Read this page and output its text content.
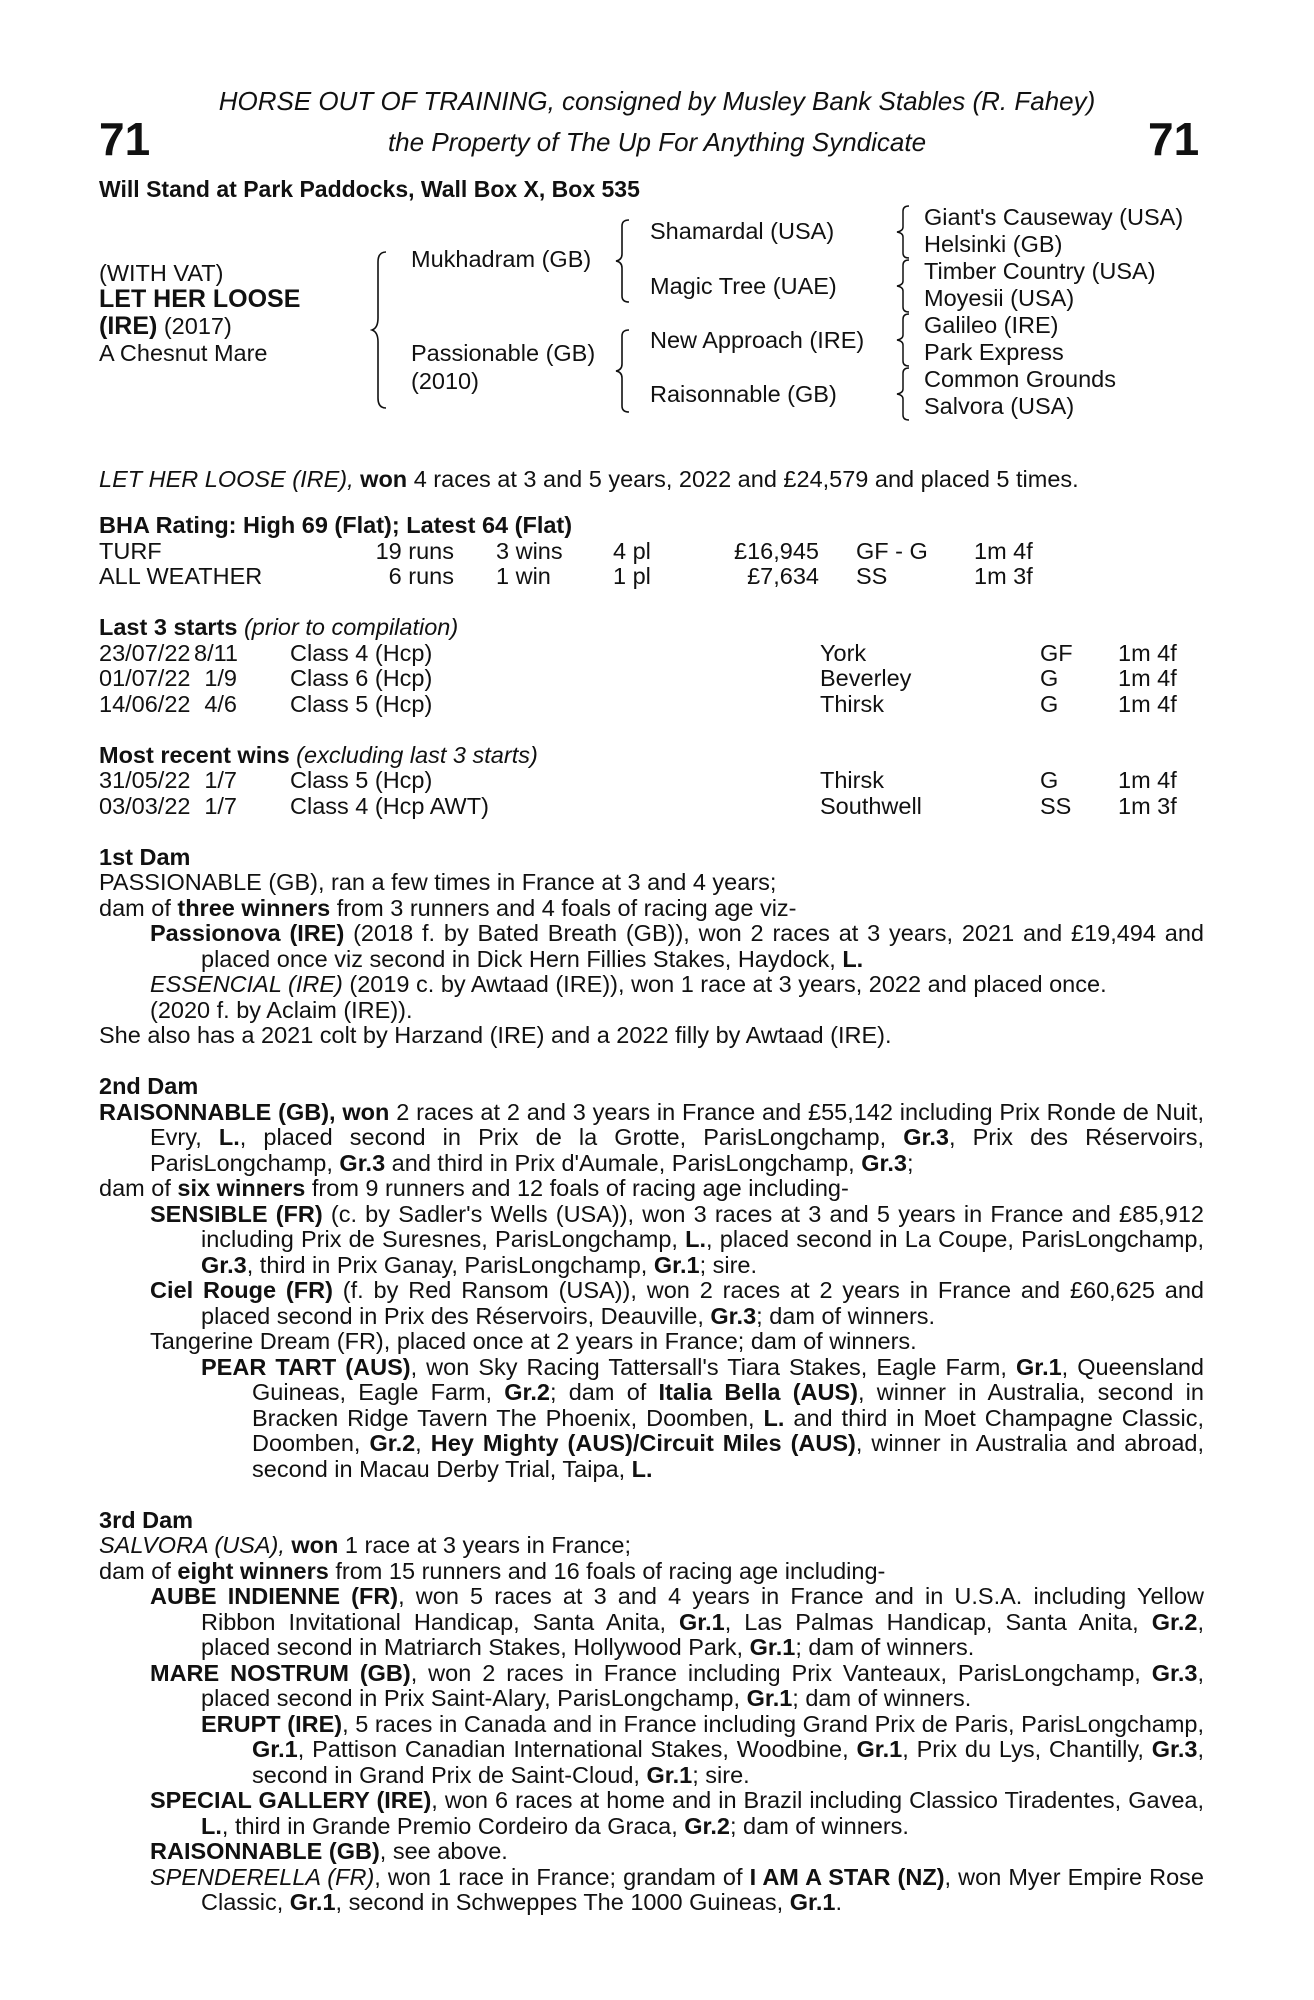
71	71
HORSE OUT OF TRAINING, consigned by Musley Bank Stables (R. Fahey)
the Property of The Up For Anything Syndicate
Will Stand at Park Paddocks, Wall Box X, Box 535
(WITH VAT)
LET HER LOOSE
(IRE) (2017)
A Chesnut Mare
Mukhadram (GB)
Passionable (GB)
(2010)
Shamardal (USA)
Magic Tree (UAE)
New Approach (IRE)
Raisonnable (GB)
Giant's Causeway (USA)
Helsinki (GB)
Timber Country (USA)
Moyesii (USA)
Galileo (IRE)
Park Express
Common Grounds
Salvora (USA)
LET HER LOOSE (IRE), won 4 races at 3 and 5 years, 2022 and £24,579 and placed 5 times.
BHA Rating: High 69 (Flat); Latest 64 (Flat)
TURF	19 runs 3 wins 4 pl	£16,945 GF - G 1m 4f
ALL WEATHER	6 runs 1 win	1 pl	£7,634 SS	1m 3f
Last 3 starts (prior to compilation)
23/07/22 8/11 Class 4 (Hcp)	York	GF 1m 4f
01/07/22 1/9 Class 6 (Hcp)	Beverley	G	1m 4f
14/06/22 4/6 Class 5 (Hcp)	Thirsk	G	1m 4f
Most recent wins (excluding last 3 starts)
31/05/22 1/7 Class 5 (Hcp)	Thirsk	G	1m 4f
03/03/22 1/7 Class 4 (Hcp AWT)	Southwell	SS 1m 3f
1st Dam
PASSIONABLE (GB), ran a few times in France at 3 and 4 years;
dam of three winners from 3 runners and 4 foals of racing age viz-
Passionova (IRE) (2018 f. by Bated Breath (GB)), won 2 races at 3 years, 2021 and £19,494 and placed once viz second in Dick Hern Fillies Stakes, Haydock, L.
ESSENCIAL (IRE) (2019 c. by Awtaad (IRE)), won 1 race at 3 years, 2022 and placed once.
(2020 f. by Aclaim (IRE)).
She also has a 2021 colt by Harzand (IRE) and a 2022 filly by Awtaad (IRE).
2nd Dam
RAISONNABLE (GB), won 2 races at 2 and 3 years in France and £55,142 including Prix Ronde de Nuit, Evry, L., placed second in Prix de la Grotte, ParisLongchamp, Gr.3, Prix des Réservoirs, ParisLongchamp, Gr.3 and third in Prix d'Aumale, ParisLongchamp, Gr.3;
dam of six winners from 9 runners and 12 foals of racing age including-
SENSIBLE (FR) (c. by Sadler's Wells (USA)), won 3 races at 3 and 5 years in France and £85,912 including Prix de Suresnes, ParisLongchamp, L., placed second in La Coupe, ParisLongchamp, Gr.3, third in Prix Ganay, ParisLongchamp, Gr.1; sire.
Ciel Rouge (FR) (f. by Red Ransom (USA)), won 2 races at 2 years in France and £60,625 and placed second in Prix des Réservoirs, Deauville, Gr.3; dam of winners.
Tangerine Dream (FR), placed once at 2 years in France; dam of winners.
PEAR TART (AUS), won Sky Racing Tattersall's Tiara Stakes, Eagle Farm, Gr.1, Queensland Guineas, Eagle Farm, Gr.2; dam of Italia Bella (AUS), winner in Australia, second in Bracken Ridge Tavern The Phoenix, Doomben, L. and third in Moet Champagne Classic, Doomben, Gr.2, Hey Mighty (AUS)/Circuit Miles (AUS), winner in Australia and abroad, second in Macau Derby Trial, Taipa, L.
3rd Dam
SALVORA (USA), won 1 race at 3 years in France;
dam of eight winners from 15 runners and 16 foals of racing age including-
AUBE INDIENNE (FR), won 5 races at 3 and 4 years in France and in U.S.A. including Yellow Ribbon Invitational Handicap, Santa Anita, Gr.1, Las Palmas Handicap, Santa Anita, Gr.2, placed second in Matriarch Stakes, Hollywood Park, Gr.1; dam of winners.
MARE NOSTRUM (GB), won 2 races in France including Prix Vanteaux, ParisLongchamp, Gr.3, placed second in Prix Saint-Alary, ParisLongchamp, Gr.1; dam of winners.
ERUPT (IRE), 5 races in Canada and in France including Grand Prix de Paris, ParisLongchamp, Gr.1, Pattison Canadian International Stakes, Woodbine, Gr.1, Prix du Lys, Chantilly, Gr.3, second in Grand Prix de Saint-Cloud, Gr.1; sire.
SPECIAL GALLERY (IRE), won 6 races at home and in Brazil including Classico Tiradentes, Gavea, L., third in Grande Premio Cordeiro da Graca, Gr.2; dam of winners.
RAISONNABLE (GB), see above.
SPENDERELLA (FR), won 1 race in France; grandam of I AM A STAR (NZ), won Myer Empire Rose Classic, Gr.1, second in Schweppes The 1000 Guineas, Gr.1.
